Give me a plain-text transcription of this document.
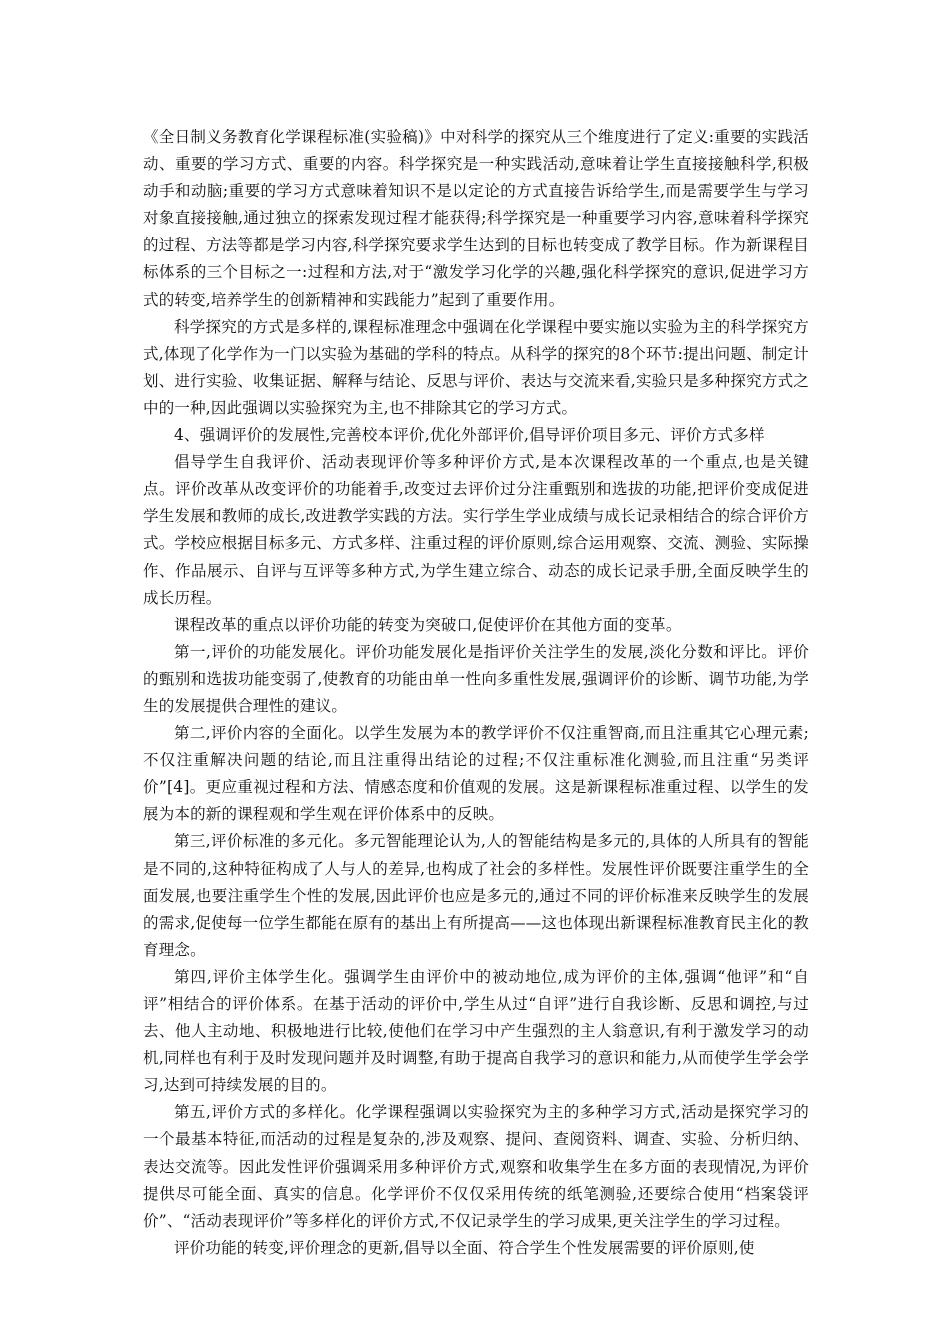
《全日制义务教育化学课程标准(实验稿)》中对科学的探究从三个维度进行了定义:重要的实践活动、重要的学习方式、重要的内容。科学探究是一种实践活动,意味着让学生直接接触科学,积极动手和动脑;重要的学习方式意味着知识不是以定论的方式直接告诉给学生,而是需要学生与学习对象直接接触,通过独立的探索发现过程才能获得;科学探究是一种重要学习内容,意味着科学探究的过程、方法等都是学习内容,科学探究要求学生达到的目标也转变成了教学目标。作为新课程目标体系的三个目标之一:过程和方法,对于“激发学习化学的兴趣,强化科学探究的意识,促进学习方式的转变,培养学生的创新精神和实践能力”起到了重要作用。

科学探究的方式是多样的,课程标准理念中强调在化学课程中要实施以实验为主的科学探究方式,体现了化学作为一门以实验为基础的学科的特点。从科学的探究的8个环节:提出问题、制定计划、进行实验、收集证据、解释与结论、反思与评价、表达与交流来看,实验只是多种探究方式之中的一种,因此强调以实验探究为主,也不排除其它的学习方式。

4、强调评价的发展性,完善校本评价,优化外部评价,倡导评价项目多元、评价方式多样

倡导学生自我评价、活动表现评价等多种评价方式,是本次课程改革的一个重点,也是关键点。评价改革从改变评价的功能着手,改变过去评价过分注重甄别和选拔的功能,把评价变成促进学生发展和教师的成长,改进教学实践的方法。实行学生学业成绩与成长记录相结合的综合评价方式。学校应根据目标多元、方式多样、注重过程的评价原则,综合运用观察、交流、测验、实际操作、作品展示、自评与互评等多种方式,为学生建立综合、动态的成长记录手册,全面反映学生的成长历程。

课程改革的重点以评价功能的转变为突破口,促使评价在其他方面的变革。

第一,评价的功能发展化。评价功能发展化是指评价关注学生的发展,淡化分数和评比。评价的甄别和选拔功能变弱了,使教育的功能由单一性向多重性发展,强调评价的诊断、调节功能,为学生的发展提供合理性的建议。

第二,评价内容的全面化。以学生发展为本的教学评价不仅注重智商,而且注重其它心理元素;不仅注重解决问题的结论,而且注重得出结论的过程;不仅注重标准化测验,而且注重“另类评价”[4]。更应重视过程和方法、情感态度和价值观的发展。这是新课程标准重过程、以学生的发展为本的新的课程观和学生观在评价体系中的反映。

第三,评价标准的多元化。多元智能理论认为,人的智能结构是多元的,具体的人所具有的智能是不同的,这种特征构成了人与人的差异,也构成了社会的多样性。发展性评价既要注重学生的全面发展,也要注重学生个性的发展,因此评价也应是多元的,通过不同的评价标准来反映学生的发展的需求,促使每一位学生都能在原有的基出上有所提高——这也体现出新课程标准教育民主化的教育理念。

第四,评价主体学生化。强调学生由评价中的被动地位,成为评价的主体,强调“他评”和“自评”相结合的评价体系。在基于活动的评价中,学生从过“自评”进行自我诊断、反思和调控,与过去、他人主动地、积极地进行比较,使他们在学习中产生强烈的主人翁意识,有利于激发学习的动机,同样也有利于及时发现问题并及时调整,有助于提高自我学习的意识和能力,从而使学生学会学习,达到可持续发展的目的。

第五,评价方式的多样化。化学课程强调以实验探究为主的多种学习方式,活动是探究学习的一个最基本特征,而活动的过程是复杂的,涉及观察、提问、查阅资料、调查、实验、分析归纳、表达交流等。因此发性评价强调采用多种评价方式,观察和收集学生在多方面的表现情况,为评价提供尽可能全面、真实的信息。化学评价不仅仅采用传统的纸笔测验,还要综合使用“档案袋评价”、“活动表现评价”等多样化的评价方式,不仅记录学生的学习成果,更关注学生的学习过程。

评价功能的转变,评价理念的更新,倡导以全面、符合学生个性发展需要的评价原则,使
